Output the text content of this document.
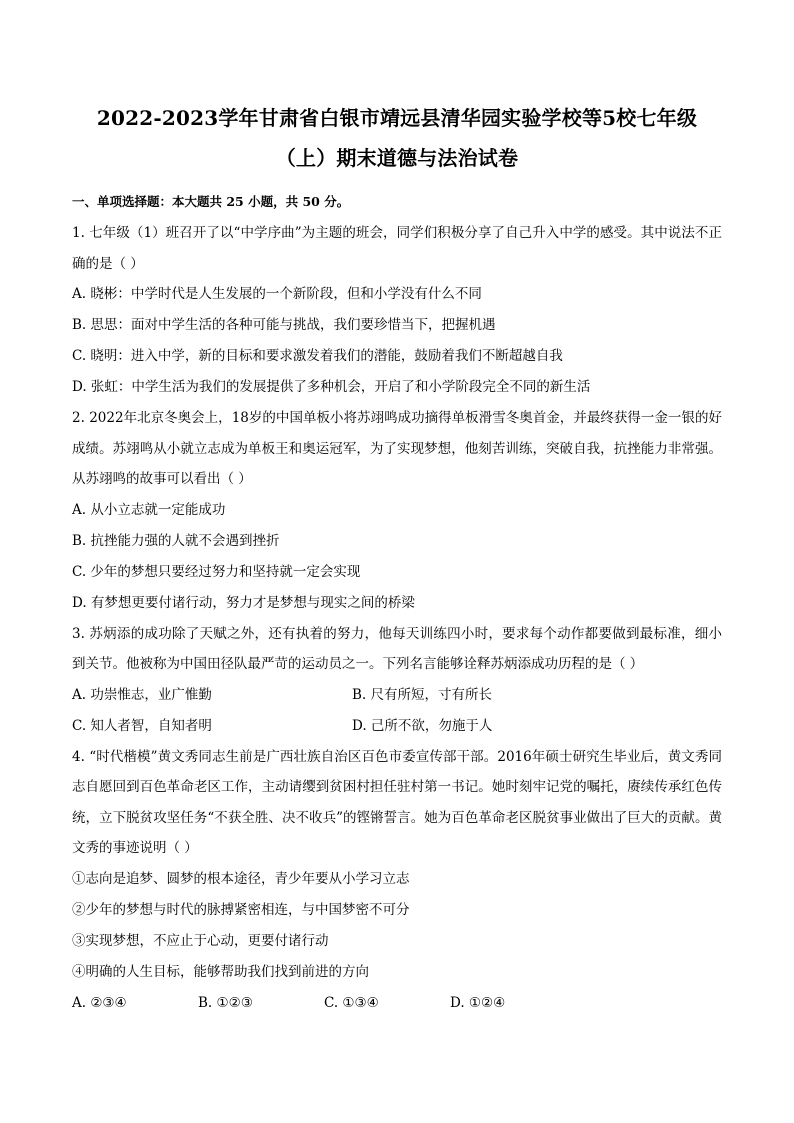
2022-2023学年甘肃省白银市靖远县清华园实验学校等5校七年级

（上）期末道德与法治试卷

一、单项选择题：本大题共 25 小题，共 50 分。

1. 七年级（1）班召开了以“中学序曲”为主题的班会，同学们积极分享了自己升入中学的感受。其中说法不正确的是（ ）

A. 晓彬：中学时代是人生发展的一个新阶段，但和小学没有什么不同

B. 思思：面对中学生活的各种可能与挑战，我们要珍惜当下，把握机遇

C. 晓明：进入中学，新的目标和要求激发着我们的潜能，鼓励着我们不断超越自我

D. 张虹：中学生活为我们的发展提供了多种机会，开启了和小学阶段完全不同的新生活

2. 2022年北京冬奥会上，18岁的中国单板小将苏翊鸣成功摘得单板滑雪冬奥首金，并最终获得一金一银的好成绩。苏翊鸣从小就立志成为单板王和奥运冠军，为了实现梦想，他刻苦训练，突破自我，抗挫能力非常强。从苏翊鸣的故事可以看出（ ）

A. 从小立志就一定能成功

B. 抗挫能力强的人就不会遇到挫折

C. 少年的梦想只要经过努力和坚持就一定会实现

D. 有梦想更要付诸行动，努力才是梦想与现实之间的桥梁

3. 苏炳添的成功除了天赋之外，还有执着的努力，他每天训练四小时，要求每个动作都要做到最标准，细小到关节。他被称为中国田径队最严苛的运动员之一。下列名言能够诠释苏炳添成功历程的是（ ）

A. 功崇惟志，业广惟勤	B. 尺有所短，寸有所长
C. 知人者智，自知者明	D. 己所不欲，勿施于人

4. “时代楷模”黄文秀同志生前是广西壮族自治区百色市委宣传部干部。2016年硕士研究生毕业后，黄文秀同志自愿回到百色革命老区工作，主动请缨到贫困村担任驻村第一书记。她时刻牢记党的嘱托，赓续传承红色传统，立下脱贫攻坚任务“不获全胜、决不收兵”的铿锵誓言。她为百色革命老区脱贫事业做出了巨大的贡献。黄文秀的事迹说明（ ）

①志向是追梦、圆梦的根本途径，青少年要从小学习立志

②少年的梦想与时代的脉搏紧密相连，与中国梦密不可分

③实现梦想，不应止于心动，更要付诸行动

④明确的人生目标，能够帮助我们找到前进的方向

A. ②③④	B. ①②③	C. ①③④	D. ①②④
